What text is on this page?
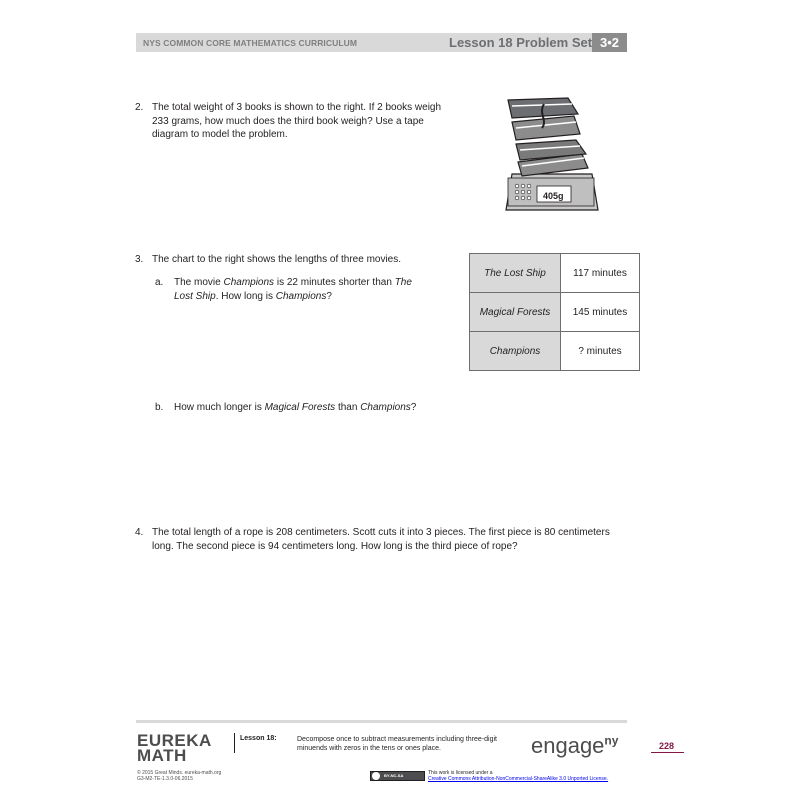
NYS COMMON CORE MATHEMATICS CURRICULUM	Lesson 18 Problem Set 3•2
2. The total weight of 3 books is shown to the right. If 2 books weigh
233 grams, how much does the third book weigh? Use a tape
diagram to model the problem.
405g
3. The chart to the right shows the lengths of three movies.
a. The movie Champions is 22 minutes shorter than The
Lost Ship. How long is Champions?
The Lost Ship	117 minutes
Magical Forests	145 minutes
Champions	? minutes
b. How much longer is Magical Forests than Champions?
4. The total length of a rope is 208 centimeters. Scott cuts it into 3 pieces. The first piece is 80 centimeters
long. The second piece is 94 centimeters long. How long is the third piece of rope?
EUREKA
MATH
Lesson 18:	Decompose once to subtract measurements including three-digit
minuends with zeros in the tens or ones place.	engage$^{ny}$	228
© 2015 Great Minds. eureka-math.org
G3-M2-TE-1.3.0-06.2015
BY-NC-SA	This work is licensed under a
Creative Commons Attribution-NonCommercial-ShareAlike 3.0 Unported License.
